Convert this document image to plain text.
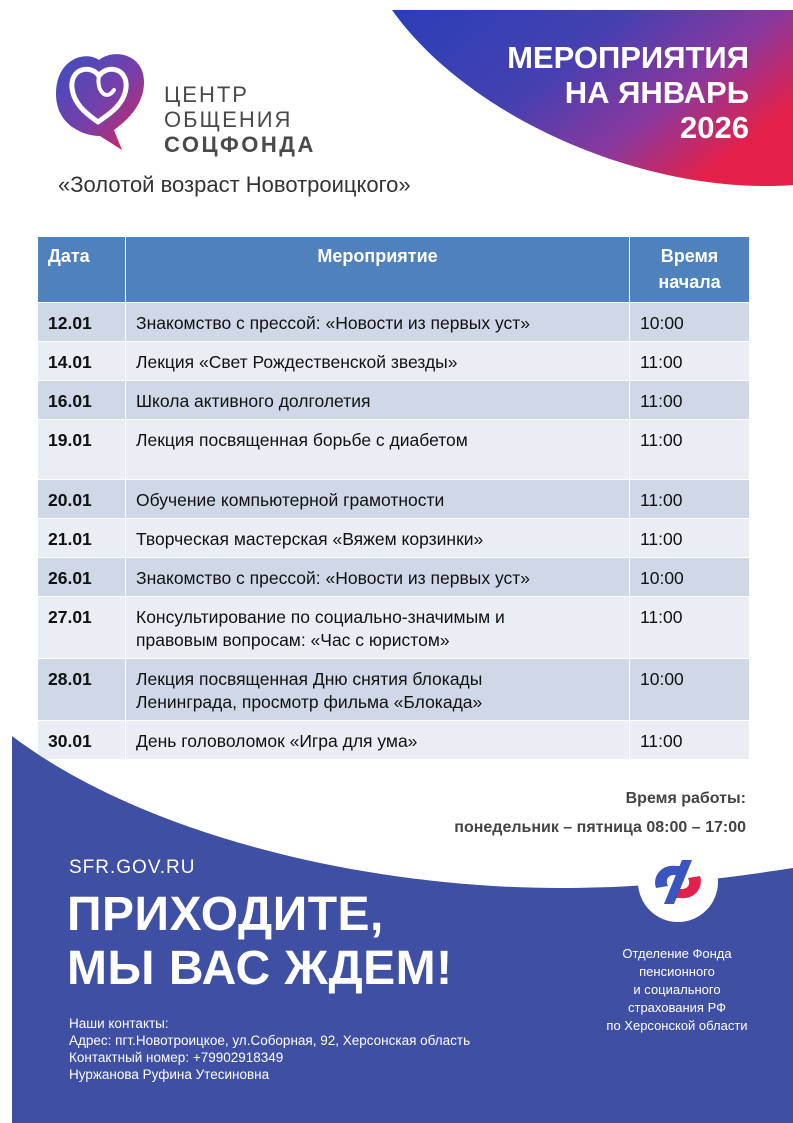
МЕРОПРИЯТИЯ
НА ЯНВАРЬ
2026
ЦЕНТР
ОБЩЕНИЯ
СОЦФОНДА
«Золотой возраст Новотроицкого»
Дата	Мероприятие	Время
начала

12.01	Знакомство с прессой: «Новости из первых уст»	10:00
14.01	Лекция «Свет Рождественской звезды»	11:00
16.01	Школа активного долголетия	11:00
19.01	Лекция посвященная борьбе с диабетом	11:00
20.01	Обучение компьютерной грамотности	11:00
21.01	Творческая мастерская «Вяжем корзинки»	11:00
26.01	Знакомство с прессой: «Новости из первых уст»	10:00
27.01	Консультирование по социально-значимым и
правовым вопросам: «Час с юристом»	11:00
28.01	Лекция посвященная Дню снятия блокады
Ленинграда, просмотр фильма «Блокада»	10:00
30.01	День головоломок «Игра для ума»	11:00
Время работы:
понедельник – пятница 08:00 – 17:00
SFR.GOV.RU
ПРИХОДИТЕ,
МЫ ВАС ЖДЕМ!
Наши контакты:
Адрес: пгт.Новотроицкое, ул.Соборная, 92, Херсонская область
Контактный номер: +79902918349
Нуржанова Руфина Утесиновна
Отделение Фонда
пенсионного
и социального
страхования РФ
по Херсонской области
